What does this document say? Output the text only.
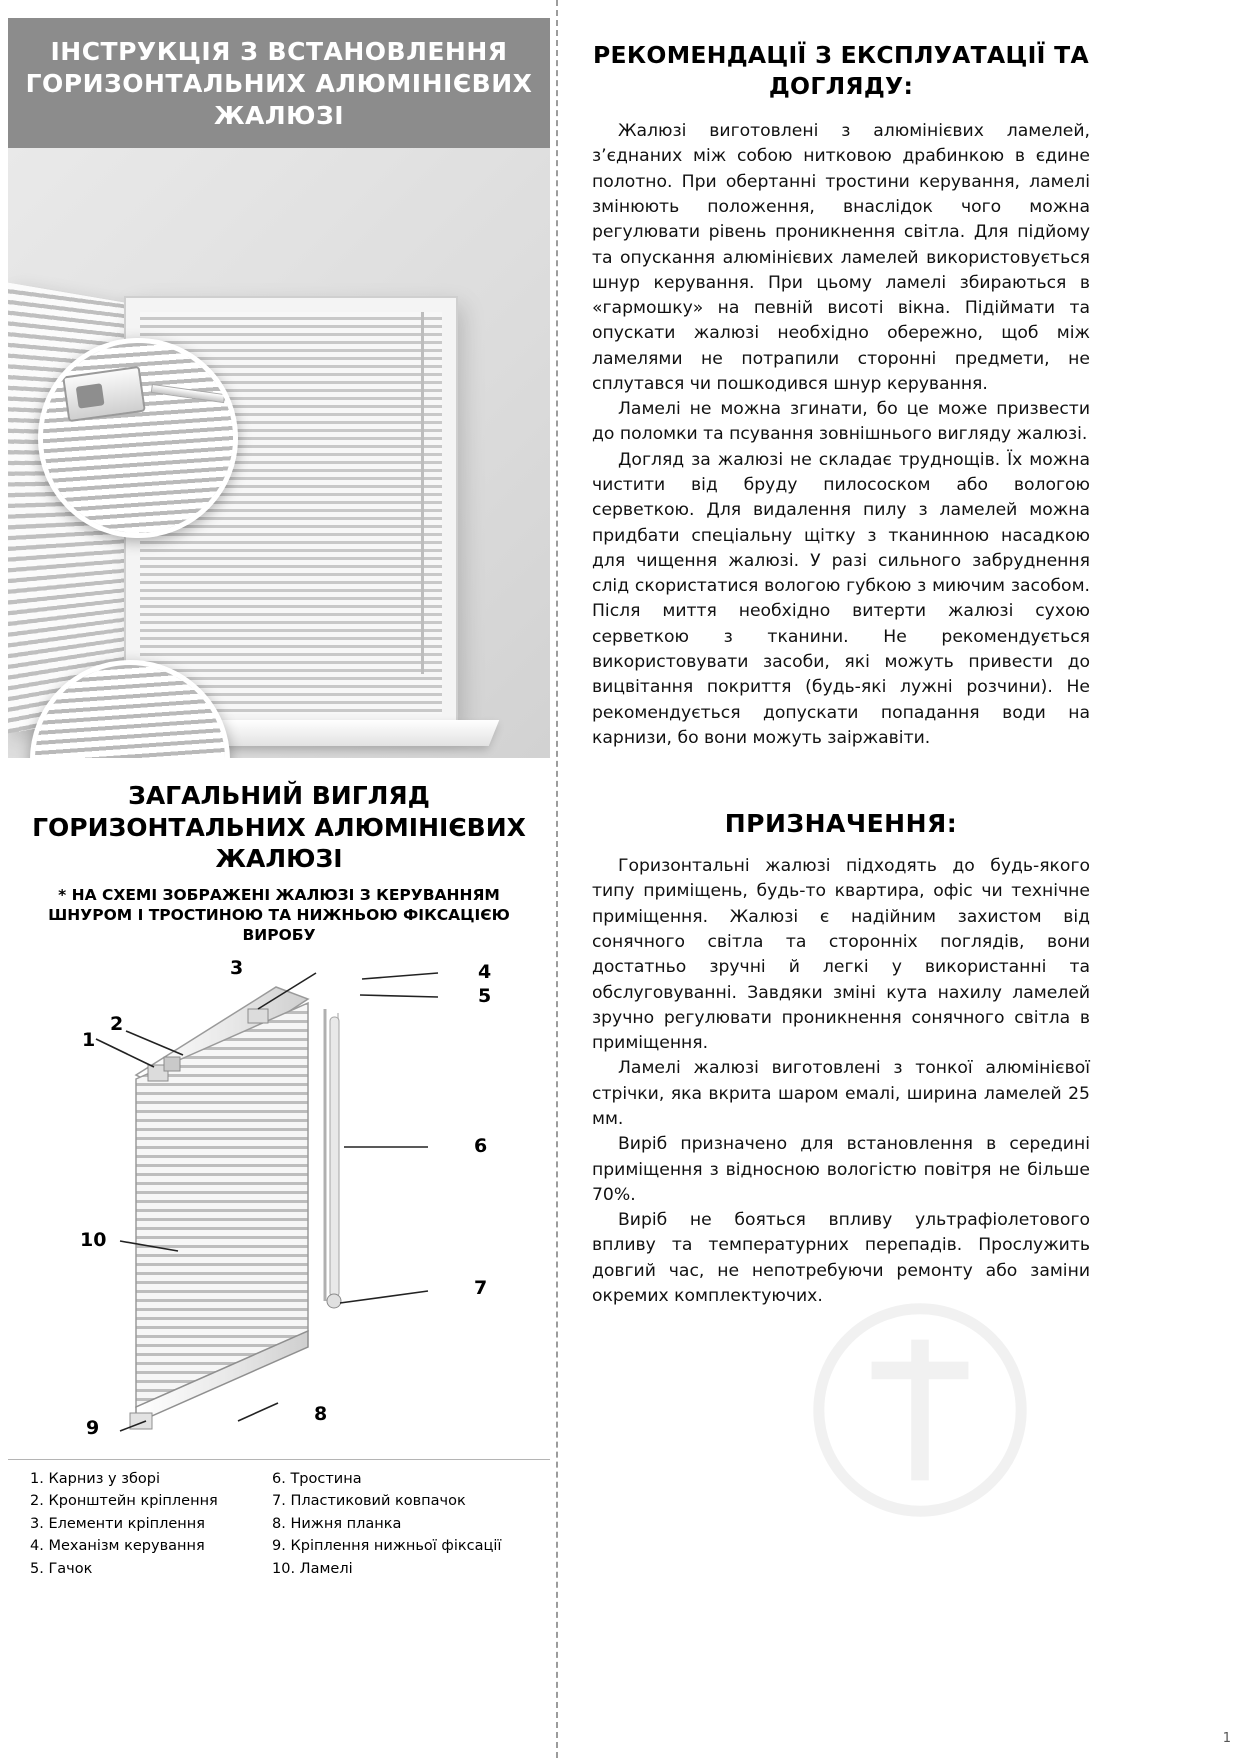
ІНСТРУКЦІЯ З ВСТАНОВЛЕННЯ ГОРИЗОНТАЛЬНИХ АЛЮМІНІЄВИХ ЖАЛЮЗІ
ЗАГАЛЬНИЙ ВИГЛЯД ГОРИЗОНТАЛЬНИХ АЛЮМІНІЄВИХ ЖАЛЮЗІ
* НА СХЕМІ ЗОБРАЖЕНІ ЖАЛЮЗІ З КЕРУВАННЯМ ШНУРОМ І ТРОСТИНОЮ ТА НИЖНЬОЮ ФІКСАЦІЄЮ ВИРОБУ
3	4
5
1
2
6
7
10
9
8
1. Карниз у зборі
2. Кронштейн кріплення
3. Елементи кріплення
4. Механізм керування
5. Гачок
6. Тростина
7. Пластиковий ковпачок
8. Нижня планка
9. Кріплення нижньої фіксації
10. Ламелі
РЕКОМЕНДАЦІЇ З ЕКСПЛУАТАЦІЇ ТА ДОГЛЯДУ:

Жалюзі виготовлені з алюмінієвих ламелей, з’єднаних між собою нитковою драбинкою в єдине полотно. При обертанні тростини керування, ламелі змінюють положення, внаслідок чого можна регулювати рівень проникнення світла. Для підйому та опускання алюмінієвих ламелей використовується шнур керування. При цьому ламелі збираються в «гармошку» на певній висоті вікна. Підіймати та опускати жалюзі необхідно обережно, щоб між ламелями не потрапили сторонні предмети, не сплутався чи пошкодився шнур керування.

Ламелі не можна згинати, бо це може призвести до поломки та псування зовнішнього вигляду жалюзі.

Догляд за жалюзі не складає труднощів. Їх можна чистити від бруду пилососком або вологою серветкою. Для видалення пилу з ламелей можна придбати спеціальну щітку з тканинною насадкою для чищення жалюзі. У разі сильного забруднення слід скористатися вологою губкою з миючим засобом. Після миття необхідно витерти жалюзі сухою серветкою з тканини. Не рекомендується використовувати засоби, які можуть привести до вицвітання покриття (будь-які лужні розчини). Не рекомендується допускати попадання води на карнизи, бо вони можуть заіржавіти.

ПРИЗНАЧЕННЯ:

Горизонтальні жалюзі підходять до будь-якого типу приміщень, будь-то квартира, офіс чи технічне приміщення. Жалюзі є надійним захистом від сонячного світла та сторонніх поглядів, вони достатньо зручні й легкі у використанні та обслуговуванні. Завдяки зміні кута нахилу ламелей зручно регулювати проникнення сонячного світла в приміщення.

Ламелі жалюзі виготовлені з тонкої алюмінієвої стрічки, яка вкрита шаром емалі, ширина ламелей 25 мм.

Виріб призначено для встановлення в середині приміщення з відносною вологістю повітря не більше 70%.

Виріб не бояться впливу ультрафіолетового впливу та температурних перепадів. Прослужить довгий час, не непотребуючи ремонту або заміни окремих комплектуючих.

1
